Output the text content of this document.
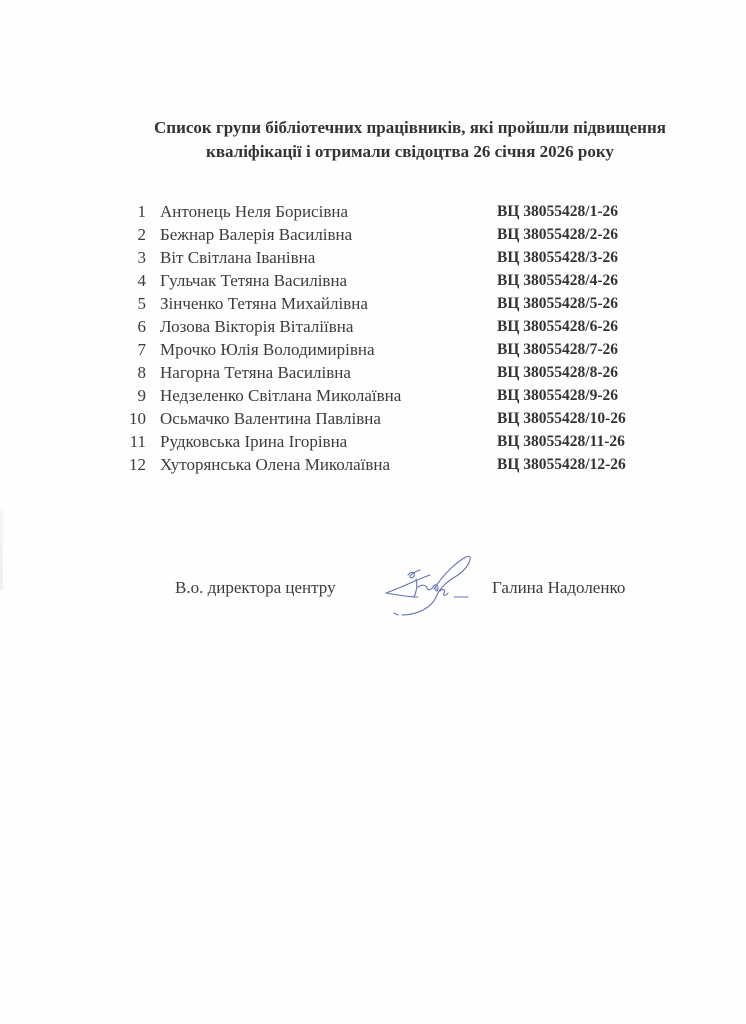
Список групи бібліотечних працівників, які пройшли підвищення
кваліфікації і отримали свідоцтва 26 січня 2026 року
1 Антонець Неля Борисівна	ВЦ 38055428/1-26
2 Бежнар Валерія Василівна	ВЦ 38055428/2-26
3 Віт Світлана Іванівна	ВЦ 38055428/3-26
4 Гульчак Тетяна Василівна	ВЦ 38055428/4-26
5 Зінченко Тетяна Михайлівна	ВЦ 38055428/5-26
6 Лозова Вікторія Віталіївна	ВЦ 38055428/6-26
7 Мрочко Юлія Володимирівна	ВЦ 38055428/7-26
8 Нагорна Тетяна Василівна	ВЦ 38055428/8-26
9 Недзеленко Світлана Миколаївна	ВЦ 38055428/9-26
10 Осьмачко Валентина Павлівна	ВЦ 38055428/10-26
11 Рудковська Ірина Ігорівна	ВЦ 38055428/11-26
12 Хуторянська Олена Миколаївна	ВЦ 38055428/12-26
В.о. директора центру	Галина Надоленко
